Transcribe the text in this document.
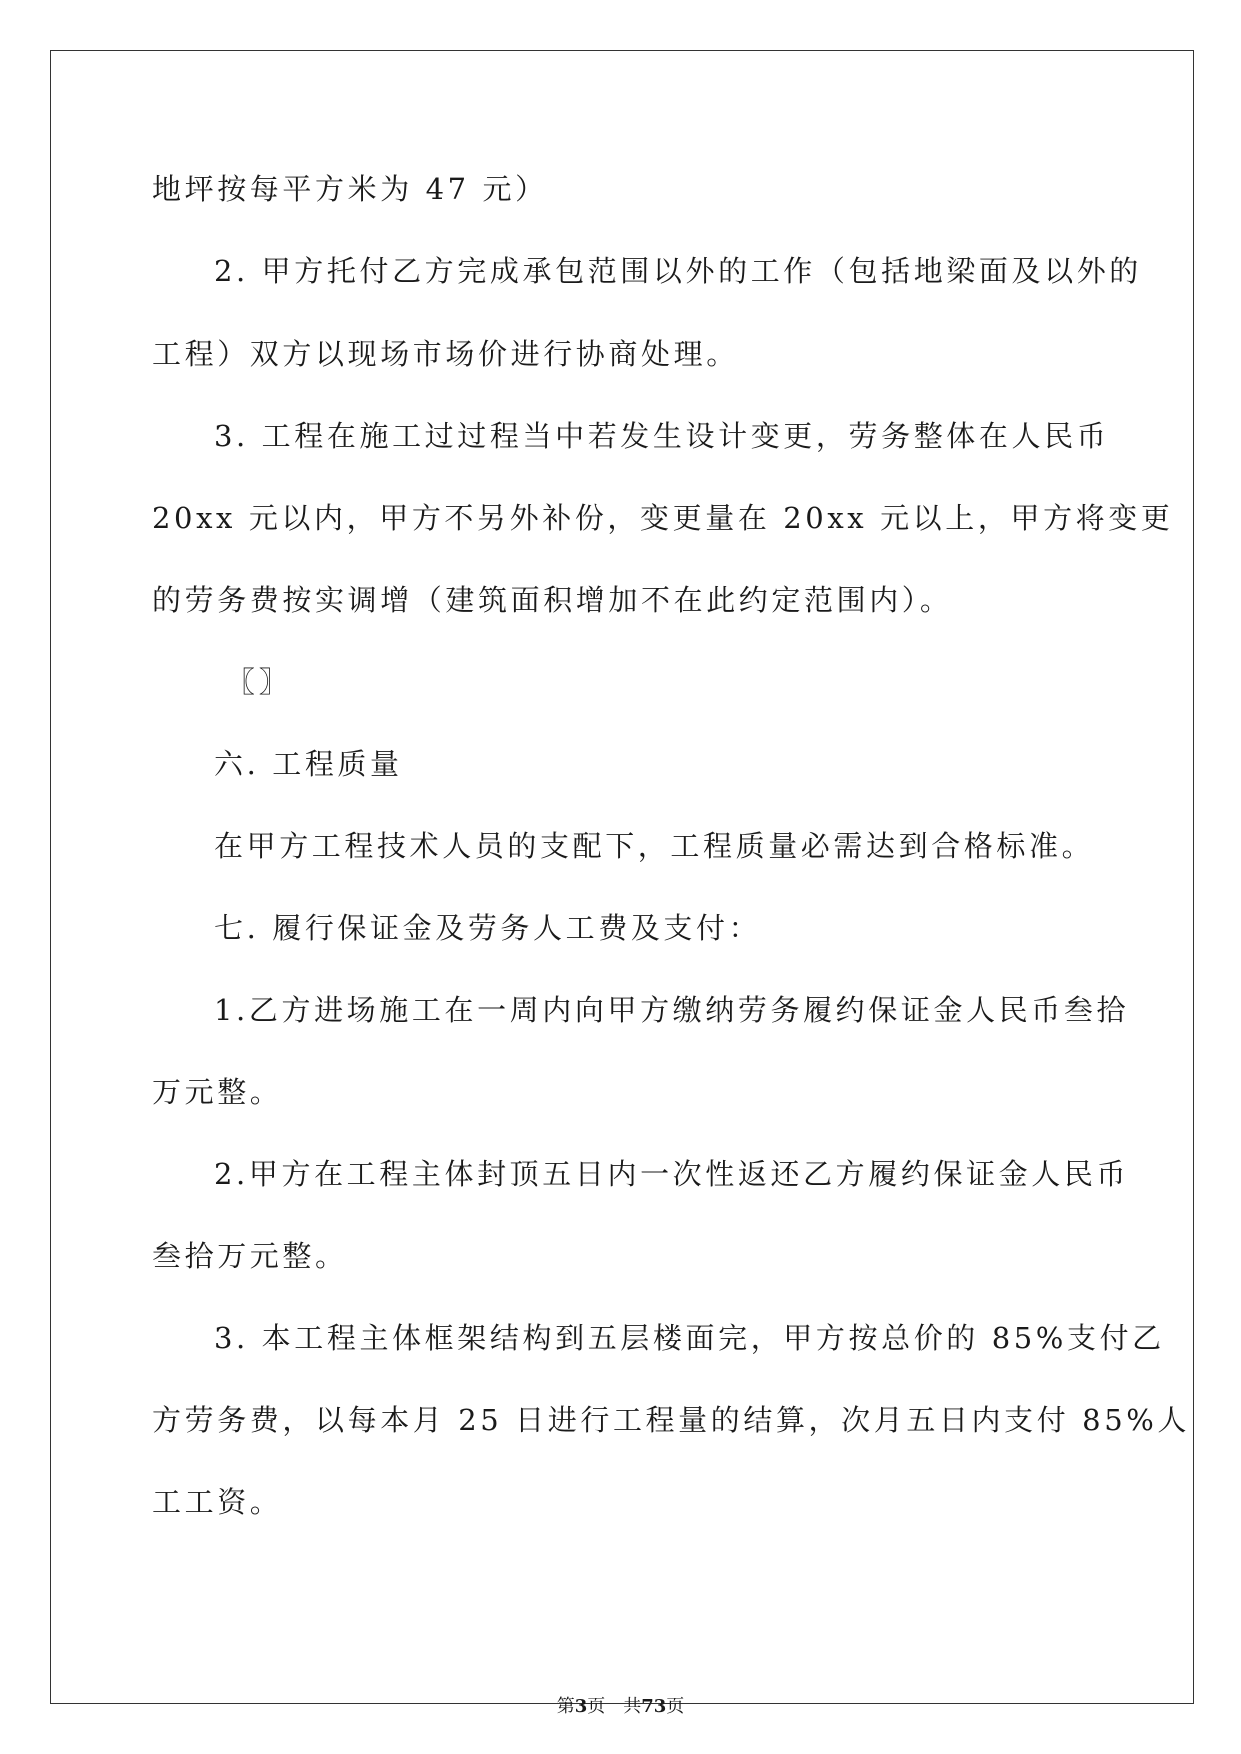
地坪按每平方米为 47 元）

2. 甲方托付乙方完成承包范围以外的工作（包括地梁面及以外的

工程）双方以现场市场价进行协商处理。

3. 工程在施工过过程当中若发生设计变更，劳务整体在人民币

20xx 元以内，甲方不另外补份，变更量在 20xx 元以上，甲方将变更

的劳务费按实调增（建筑面积增加不在此约定范围内）。

〖〗

六. 工程质量

在甲方工程技术人员的支配下，工程质量必需达到合格标准。

七. 履行保证金及劳务人工费及支付：

1.乙方进场施工在一周内向甲方缴纳劳务履约保证金人民币叁拾

万元整。

2.甲方在工程主体封顶五日内一次性返还乙方履约保证金人民币

叁拾万元整。

3. 本工程主体框架结构到五层楼面完，甲方按总价的 85%支付乙

方劳务费，以每本月 25 日进行工程量的结算，次月五日内支付 85%人

工工资。

第3页　共73页
